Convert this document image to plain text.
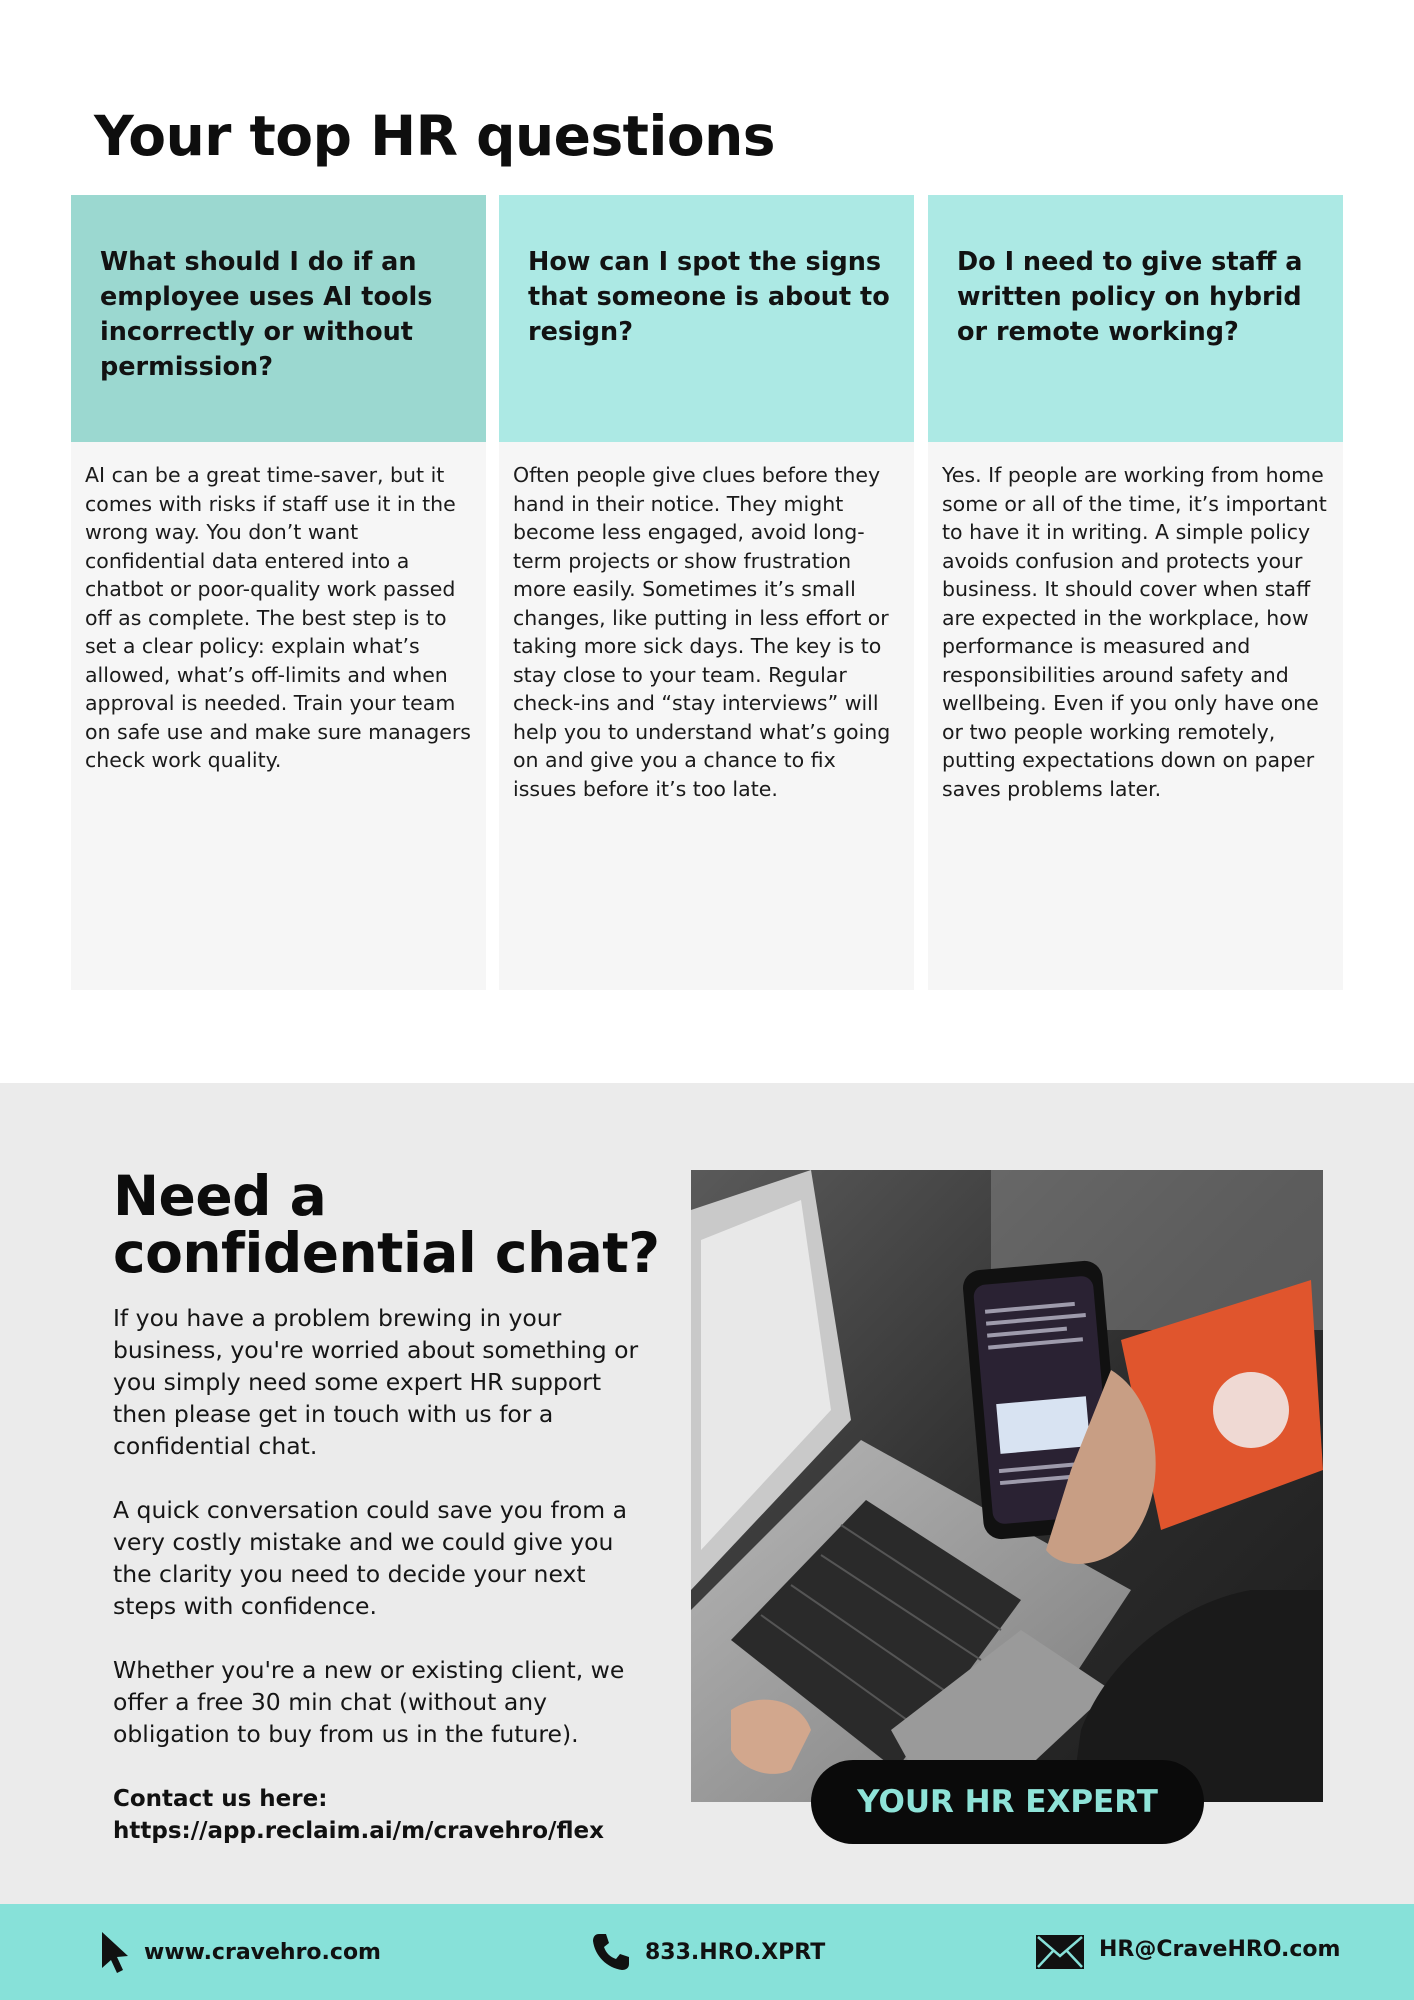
Your top HR questions
What should I do if an employee uses AI tools incorrectly or without permission?
AI can be a great time-saver, but it comes with risks if staff use it in the wrong way. You don’t want confidential data entered into a chatbot or poor-quality work passed off as complete. The best step is to set a clear policy: explain what’s allowed, what’s off-limits and when approval is needed. Train your team on safe use and make sure managers check work quality.
How can I spot the signs that someone is about to resign?
Often people give clues before they hand in their notice. They might become less engaged, avoid long-term projects or show frustration more easily. Sometimes it’s small changes, like putting in less effort or taking more sick days. The key is to stay close to your team. Regular check-ins and “stay interviews” will help you to understand what’s going on and give you a chance to fix issues before it’s too late.
Do I need to give staff a written policy on hybrid or remote working?
Yes. If people are working from home some or all of the time, it’s important to have it in writing. A simple policy avoids confusion and protects your business. It should cover when staff are expected in the workplace, how performance is measured and responsibilities around safety and wellbeing. Even if you only have one or two people working remotely, putting expectations down on paper saves problems later.
Need a confidential chat?

If you have a problem brewing in your business, you're worried about something or you simply need some expert HR support then please get in touch with us for a confidential chat.

A quick conversation could save you from a very costly mistake and we could give you the clarity you need to decide your next steps with confidence.

Whether you're a new or existing client, we offer a free 30 min chat (without any obligation to buy from us in the future).

Contact us here:
https://app.reclaim.ai/m/cravehro/flex
YOUR HR EXPERT
www.cravehro.com	833.HRO.XPRT	HR@CraveHRO.com
